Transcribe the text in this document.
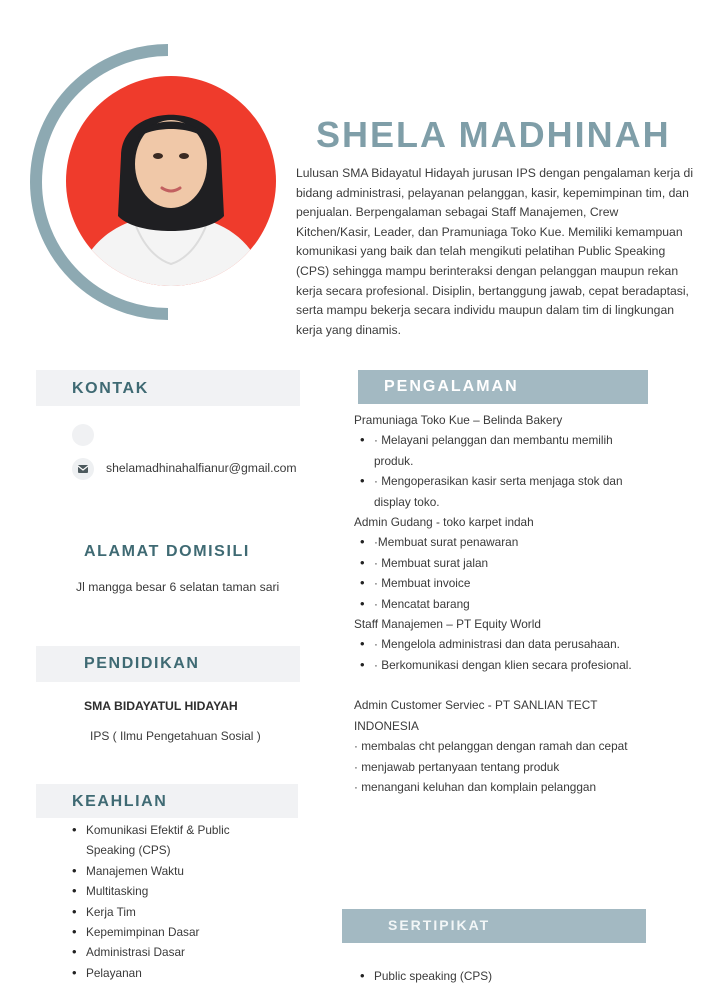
SHELA MADHINAH
Lulusan SMA Bidayatul Hidayah jurusan IPS dengan pengalaman kerja di bidang administrasi, pelayanan pelanggan, kasir, kepemimpinan tim, dan penjualan. Berpengalaman sebagai Staff Manajemen, Crew Kitchen/Kasir, Leader, dan Pramuniaga Toko Kue. Memiliki kemampuan komunikasi yang baik dan telah mengikuti pelatihan Public Speaking (CPS) sehingga mampu berinteraksi dengan pelanggan maupun rekan kerja secara profesional. Disiplin, bertanggung jawab, cepat beradaptasi, serta mampu bekerja secara individu maupun dalam tim di lingkungan kerja yang dinamis.
KONTAK
shelamadhinahalfianur@gmail.com
ALAMAT DOMISILI
Jl mangga besar 6 selatan taman sari
PENDIDIKAN
SMA BIDAYATUL HIDAYAH
IPS ( Ilmu Pengetahuan Sosial )
KEAHLIAN
• Komunikasi Efektif & Public Speaking (CPS)
• Manajemen Waktu
• Multitasking
• Kerja Tim
• Kepemimpinan Dasar
• Administrasi Dasar
• Pelayanan
PENGALAMAN
Pramuniaga Toko Kue – Belinda Bakery
• · Melayani pelanggan dan membantu memilih produk.
• · Mengoperasikan kasir serta menjaga stok dan display toko.
Admin Gudang - toko karpet indah
• ·Membuat surat penawaran
• · Membuat surat jalan
• · Membuat invoice
• · Mencatat barang
Staff Manajemen – PT Equity World
• · Mengelola administrasi dan data perusahaan.
• · Berkomunikasi dengan klien secara profesional.
Admin Customer Serviec - PT SANLIAN TECT INDONESIA
· membalas cht pelanggan dengan ramah dan cepat
· menjawab pertanyaan tentang produk
· menangani keluhan dan komplain pelanggan
SERTIPIKAT
• Public speaking (CPS)
